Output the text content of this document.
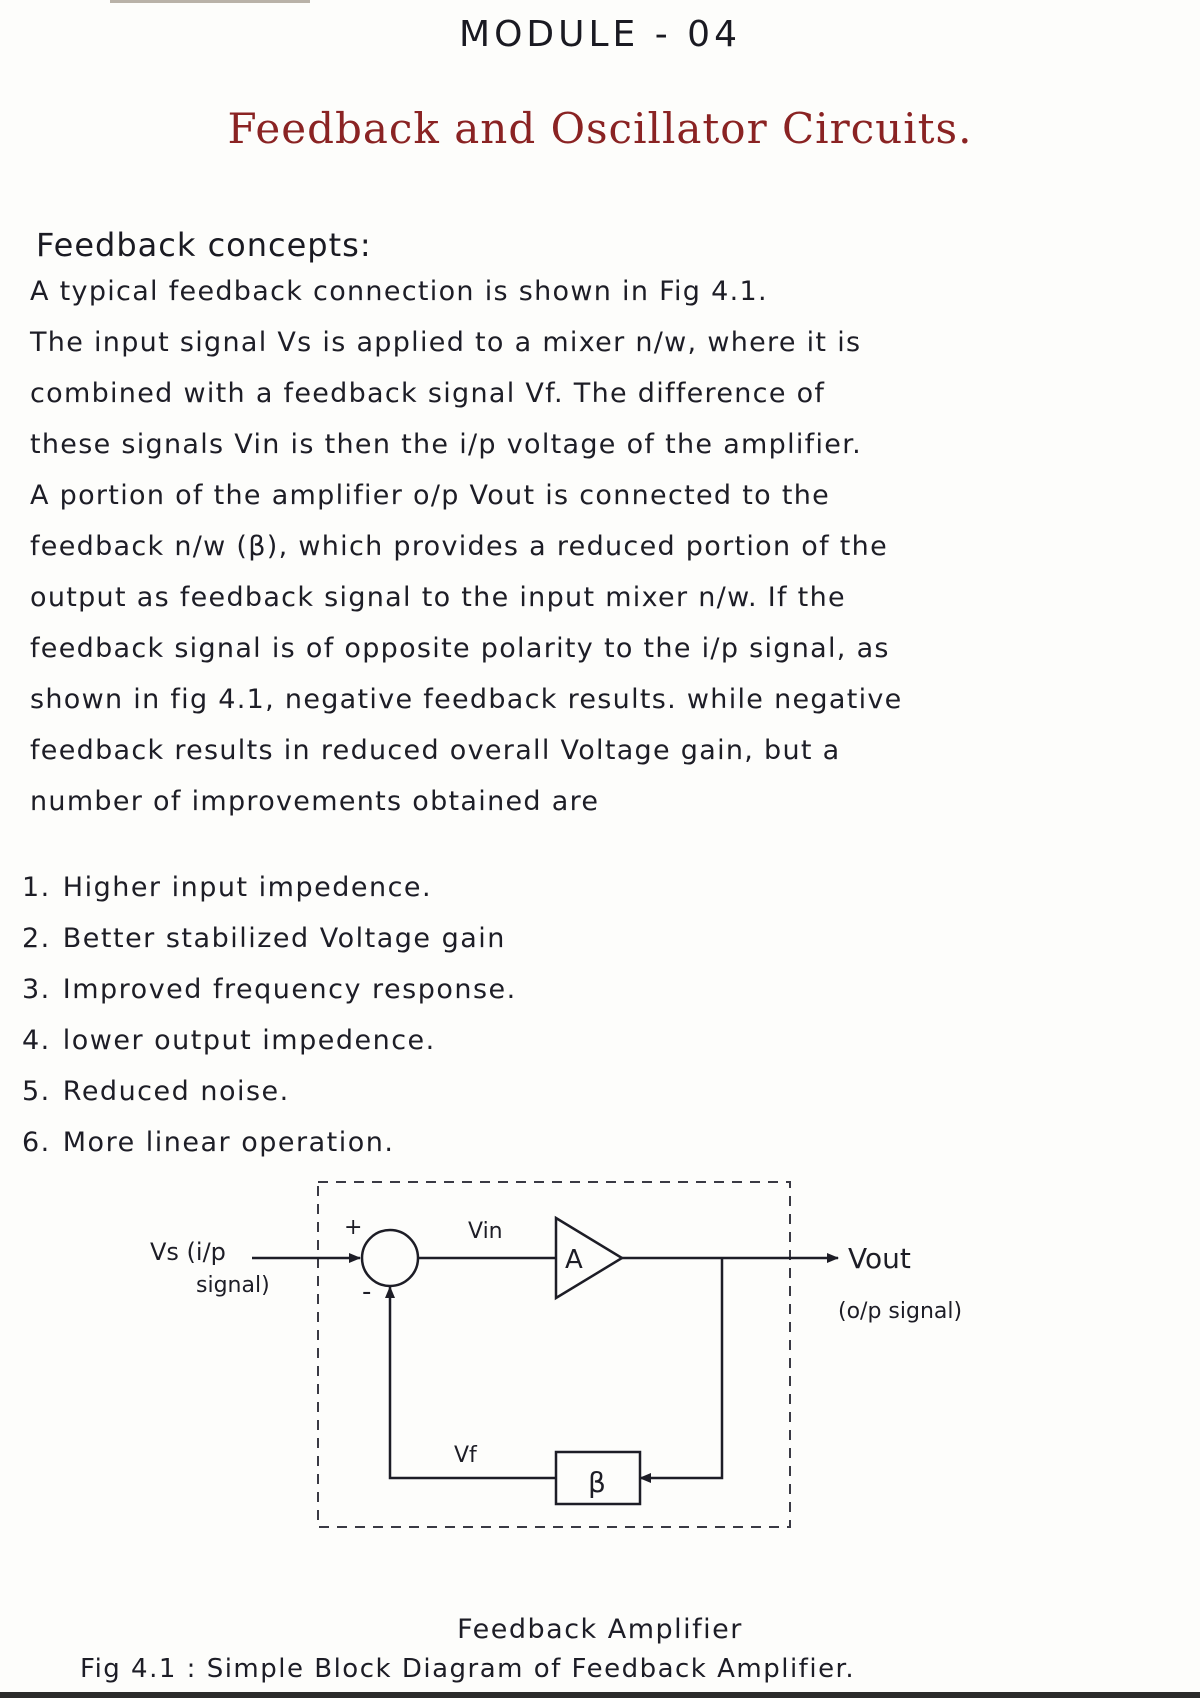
MODULE - 04
Feedback and Oscillator Circuits.
Feedback concepts:
A typical feedback connection is shown in Fig 4.1.
The input signal Vs is applied to a mixer n/w, where it is
combined with a feedback signal Vf. The difference of
these signals Vin is then the i/p voltage of the amplifier.
A portion of the amplifier o/p Vout is connected to the
feedback n/w (β), which provides a reduced portion of the
output as feedback signal to the input mixer n/w. If the
feedback signal is of opposite polarity to the i/p signal, as
shown in fig 4.1, negative feedback results. while negative
feedback results in reduced overall Voltage gain, but a
number of improvements obtained are
1. Higher input impedence.
2. Better stabilized Voltage gain
3. Improved frequency response.
4. lower output impedence.
5. Reduced noise.
6. More linear operation.
Vs (i/p
signal)
+
-
Vin
A	Vout
(o/p signal)
Vf
β
Feedback Amplifier
Fig 4.1 : Simple Block Diagram of Feedback Amplifier.
